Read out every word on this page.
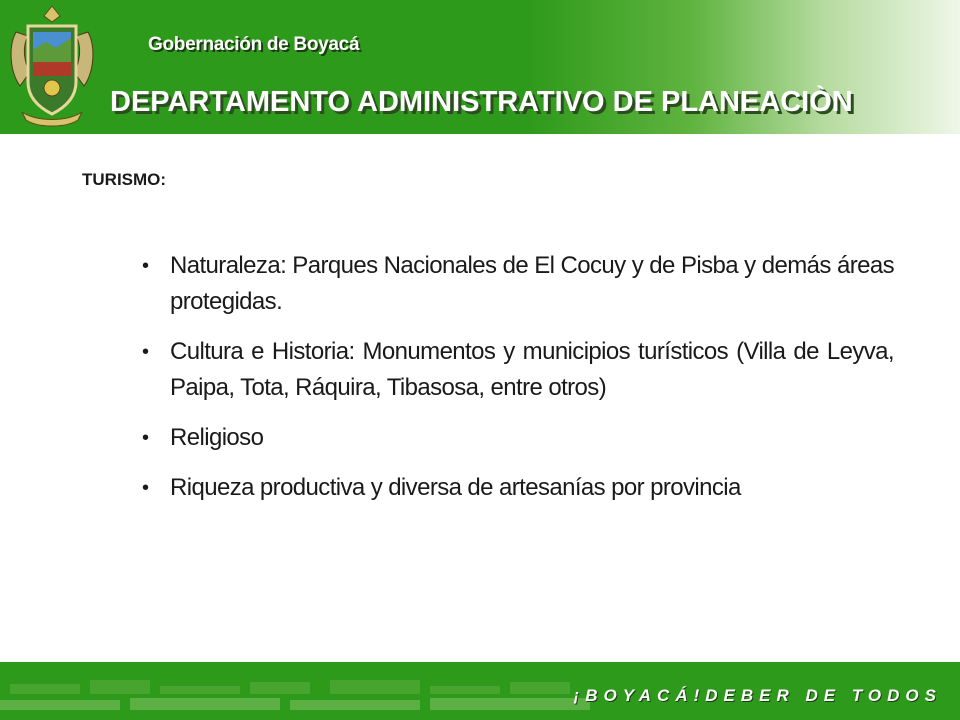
Gobernación de Boyacá
DEPARTAMENTO ADMINISTRATIVO DE PLANEACIÒN
TURISMO:
• Naturaleza: Parques Nacionales de El Cocuy y de Pisba y demás áreas protegidas.
• Cultura e Historia: Monumentos y municipios turísticos (Villa de Leyva, Paipa, Tota, Ráquira, Tibasosa, entre otros)
• Religioso
• Riqueza productiva y diversa de artesanías por provincia
¡BOYACÁ!DEBER DE TODOS
